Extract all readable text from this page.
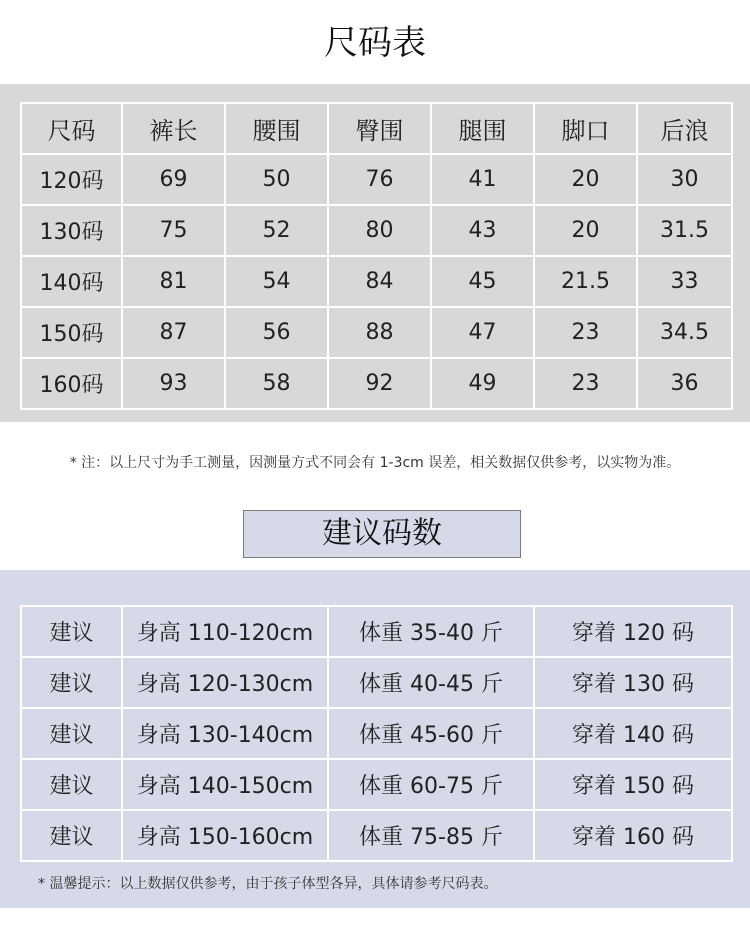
尺码表
尺码	裤长	腰围	臀围	腿围	脚口	后浪
120码	69	50	76	41	20	30
130码	75	52	80	43	20	31.5
140码	81	54	84	45	21.5	33
150码	87	56	88	47	23	34.5
160码	93	58	92	49	23	36
* 注：以上尺寸为手工测量，因测量方式不同会有 1-3cm 误差，相关数据仅供参考，以实物为准。
建议码数
建议	身高 110-120cm	体重 35-40 斤	穿着 120 码
建议	身高 120-130cm	体重 40-45 斤	穿着 130 码
建议	身高 130-140cm	体重 45-60 斤	穿着 140 码
建议	身高 140-150cm	体重 60-75 斤	穿着 150 码
建议	身高 150-160cm	体重 75-85 斤	穿着 160 码
* 温馨提示：以上数据仅供参考，由于孩子体型各异，具体请参考尺码表。
